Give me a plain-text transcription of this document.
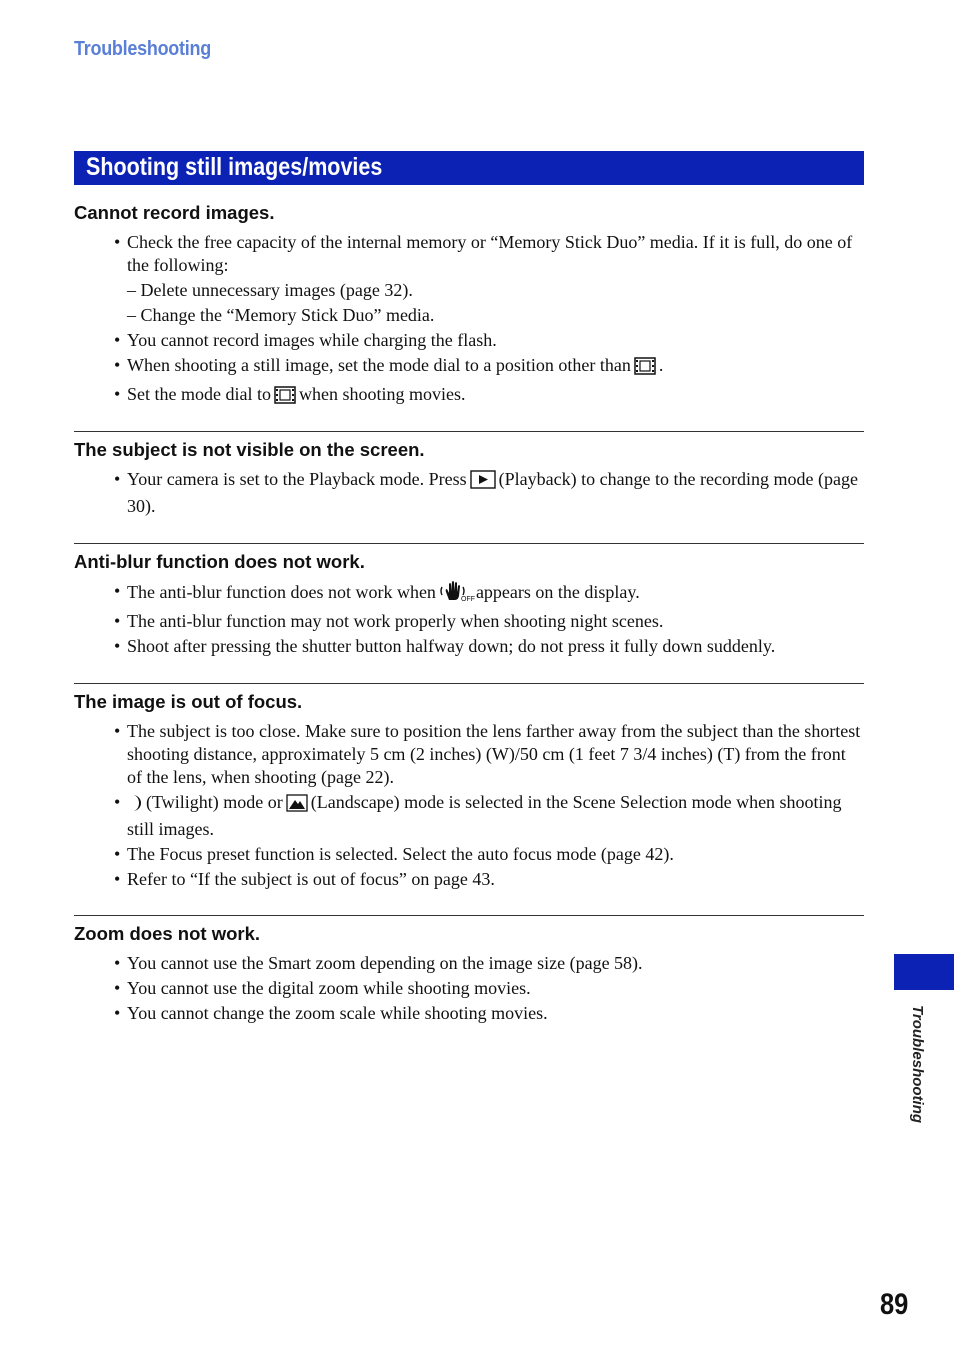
Troubleshooting
Shooting still images/movies
Cannot record images.
• Check the free capacity of the internal memory or “Memory Stick Duo” media. If it is full, do one of the following:
– Delete unnecessary images (page 32).
– Change the “Memory Stick Duo” media.
• You cannot record images while charging the flash.
• When shooting a still image, set the mode dial to a position other than .
• Set the mode dial to when shooting movies.
The subject is not visible on the screen.
• Your camera is set to the Playback mode. Press (Playback) to change to the recording mode (page 30).
Anti-blur function does not work.
• The anti-blur function does not work when	OFF appears on the display.
• The anti-blur function may not work properly when shooting night scenes.
• Shoot after pressing the shutter button halfway down; do not press it fully down suddenly.
The image is out of focus.
• The subject is too close. Make sure to position the lens farther away from the subject than the shortest shooting distance, approximately 5 cm (2 inches) (W)/50 cm (1 feet 7 3/4 inches) (T) from the front of the lens, when shooting (page 22).
• (Twilight) mode or (Landscape) mode is selected in the Scene Selection mode when shooting still images.
• The Focus preset function is selected. Select the auto focus mode (page 42).
• Refer to “If the subject is out of focus” on page 43.
Zoom does not work.
• You cannot use the Smart zoom depending on the image size (page 58).
• You cannot use the digital zoom while shooting movies.
• You cannot change the zoom scale while shooting movies.	Troubleshooting
89
